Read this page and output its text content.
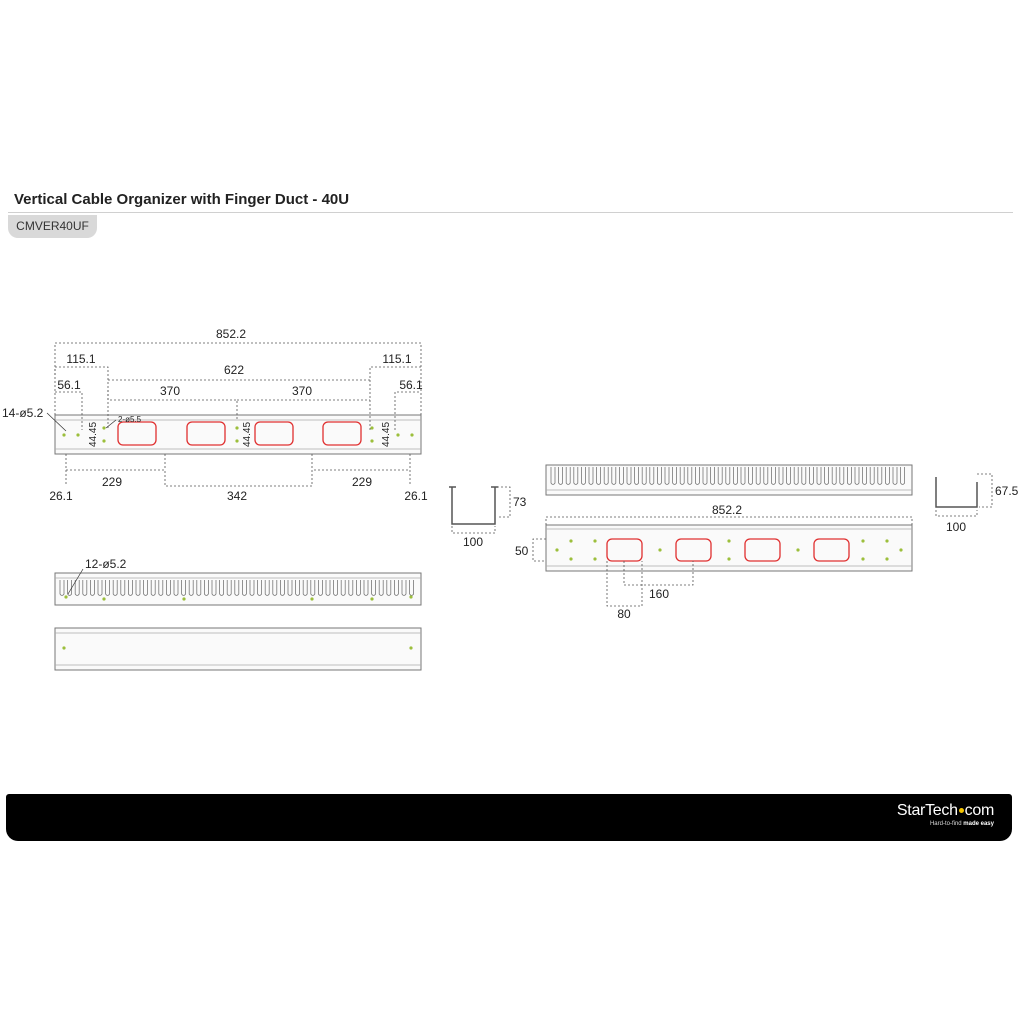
Vertical Cable Organizer with Finger Duct - 40U
CMVER40UF
852.2
115.1	115.1
622
370	370
56.1	56.1
14-ø5.2	2-ø5.5
44.45	44.45	44.45
26.1	26.1
229
342
229
12-ø5.2
73
100
67.5
100
852.2
50
160
80
StarTech com
Hard-to-find made easy
